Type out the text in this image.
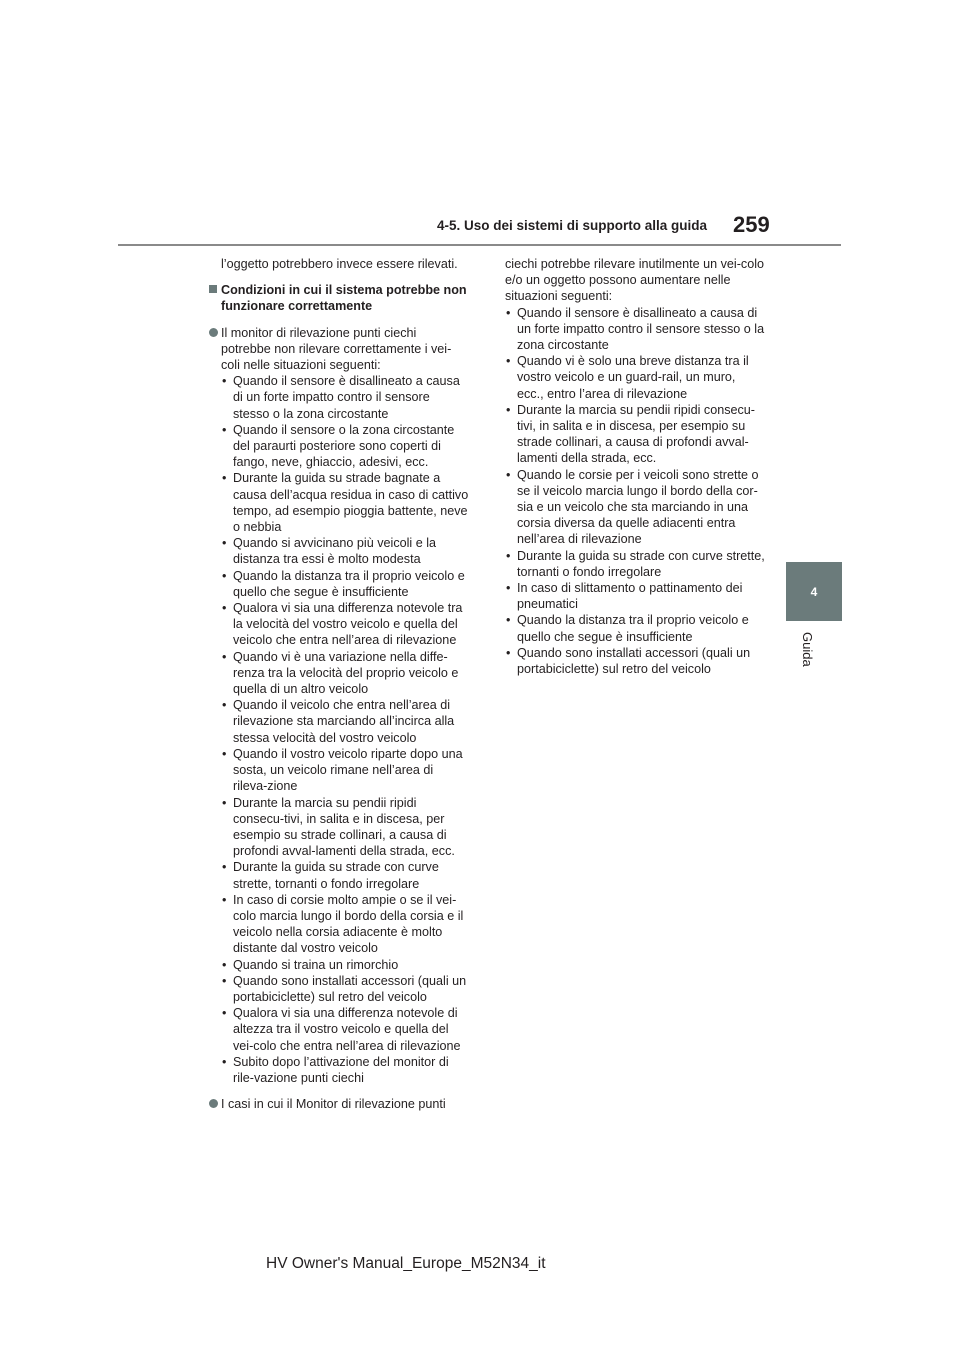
4-5. Uso dei sistemi di supporto alla guida 259
4
Guida

l’oggetto potrebbero invece essere rilevati.

Condizioni in cui il sistema potrebbe non funzionare correttamente
Il monitor di rilevazione punti ciechi potrebbe non rilevare correttamente i vei-coli nelle situazioni seguenti:
• Quando il sensore è disallineato a causa di un forte impatto contro il sensore stesso o la zona circostante
• Quando il sensore o la zona circostante del paraurti posteriore sono coperti di fango, neve, ghiaccio, adesivi, ecc.
• Durante la guida su strade bagnate a causa dell’acqua residua in caso di cattivo tempo, ad esempio pioggia battente, neve o nebbia
• Quando si avvicinano più veicoli e la distanza tra essi è molto modesta
• Quando la distanza tra il proprio veicolo e quello che segue è insufficiente
• Qualora vi sia una differenza notevole tra la velocità del vostro veicolo e quella del veicolo che entra nell’area di rilevazione
• Quando vi è una variazione nella diffe-renza tra la velocità del proprio veicolo e quella di un altro veicolo
• Quando il veicolo che entra nell’area di rilevazione sta marciando all’incirca alla stessa velocità del vostro veicolo
• Quando il vostro veicolo riparte dopo una sosta, un veicolo rimane nell’area di rileva-zione
• Durante la marcia su pendii ripidi consecu-tivi, in salita e in discesa, per esempio su strade collinari, a causa di profondi avval-lamenti della strada, ecc.
• Durante la guida su strade con curve strette, tornanti o fondo irregolare
• In caso di corsie molto ampie o se il vei-colo marcia lungo il bordo della corsia e il veicolo nella corsia adiacente è molto distante dal vostro veicolo
• Quando si traina un rimorchio
• Quando sono installati accessori (quali un portabiciclette) sul retro del veicolo
• Qualora vi sia una differenza notevole di altezza tra il vostro veicolo e quella del vei-colo che entra nell’area di rilevazione
• Subito dopo l’attivazione del monitor di rile-vazione punti ciechi
I casi in cui il Monitor di rilevazione punti
ciechi potrebbe rilevare inutilmente un vei-colo e/o un oggetto possono aumentare nelle situazioni seguenti:
• Quando il sensore è disallineato a causa di un forte impatto contro il sensore stesso o la zona circostante
• Quando vi è solo una breve distanza tra il vostro veicolo e un guard-rail, un muro, ecc., entro l’area di rilevazione
• Durante la marcia su pendii ripidi consecu-tivi, in salita e in discesa, per esempio su strade collinari, a causa di profondi avval-lamenti della strada, ecc.
• Quando le corsie per i veicoli sono strette o se il veicolo marcia lungo il bordo della cor-sia e un veicolo che sta marciando in una corsia diversa da quelle adiacenti entra nell’area di rilevazione
• Durante la guida su strade con curve strette, tornanti o fondo irregolare
• In caso di slittamento o pattinamento dei pneumatici
• Quando la distanza tra il proprio veicolo e quello che segue è insufficiente
• Quando sono installati accessori (quali un portabiciclette) sul retro del veicolo
HV Owner's Manual_Europe_M52N34_it
